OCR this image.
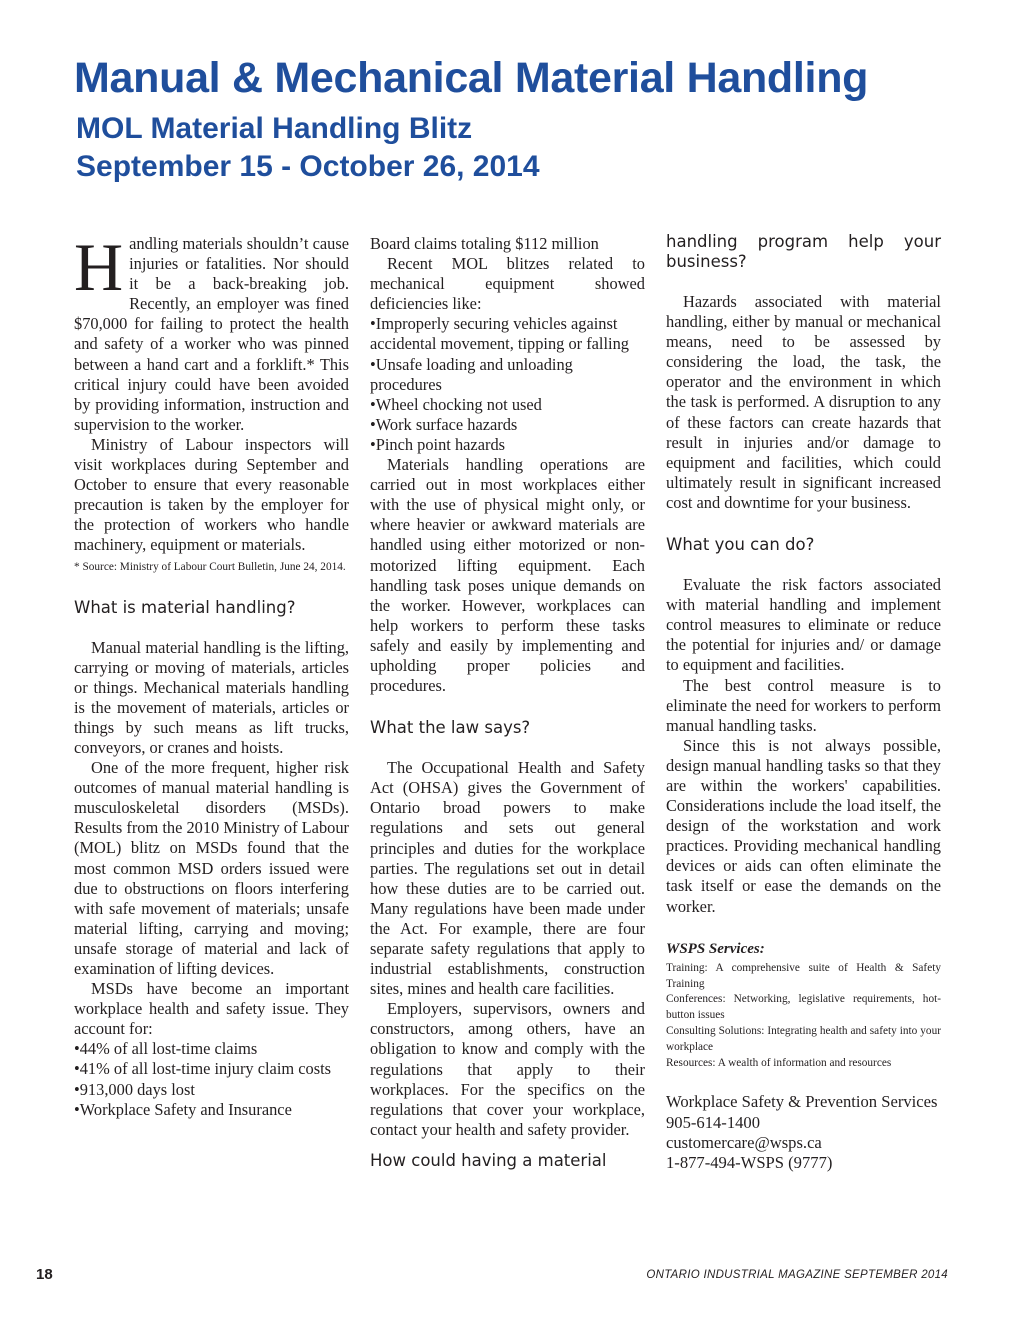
Manual & Mechanical Material Handling
MOL Material Handling Blitz
September 15 - October 26, 2014

Handling materials shouldn’t cause injuries or fatalities. Nor should it be a back-breaking job. Recently, an employer was fined $70,000 for failing to protect the health and safety of a worker who was pinned between a hand cart and a forklift.* This critical injury could have been avoided by providing information, instruction and supervision to the worker.

Ministry of Labour inspectors will visit workplaces during September and October to ensure that every reasonable precaution is taken by the employer for the protection of workers who handle machinery, equipment or materials.

* Source: Ministry of Labour Court Bulletin, June 24, 2014.

What is material handling?

Manual material handling is the lifting, carrying or moving of materials, articles or things. Mechanical materials handling is the movement of materials, articles or things by such means as lift trucks, conveyors, or cranes and hoists.

One of the more frequent, higher risk outcomes of manual material handling is musculoskeletal disorders (MSDs). Results from the 2010 Ministry of Labour (MOL) blitz on MSDs found that the most common MSD orders issued were due to obstructions on floors interfering with safe movement of materials; unsafe material lifting, carrying and moving; unsafe storage of material and lack of examination of lifting devices.

MSDs have become an important workplace health and safety issue. They account for:

•44% of all lost-time claims

•41% of all lost-time injury claim costs

•913,000 days lost

•Workplace Safety and Insurance

Board claims totaling $112 million

Recent MOL blitzes related to mechanical equipment showed deficiencies like:

•Improperly securing vehicles against accidental movement, tipping or falling

•Unsafe loading and unloading procedures

•Wheel chocking not used

•Work surface hazards

•Pinch point hazards

Materials handling operations are carried out in most workplaces either with the use of physical might only, or where heavier or awkward materials are handled using either motorized or non-motorized lifting equipment. Each handling task poses unique demands on the worker. However, workplaces can help workers to perform these tasks safely and easily by implementing and upholding proper policies and procedures.

What the law says?

The Occupational Health and Safety Act (OHSA) gives the Government of Ontario broad powers to make regulations and sets out general principles and duties for the workplace parties. The regulations set out in detail how these duties are to be carried out. Many regulations have been made under the Act. For example, there are four separate safety regulations that apply to industrial establishments, construction sites, mines and health care facilities.

Employers, supervisors, owners and constructors, among others, have an obligation to know and comply with the regulations that apply to their workplaces. For the specifics on the regulations that cover your workplace, contact your health and safety provider.

How could having a material
handling program help your business?

Hazards associated with material handling, either by manual or mechanical means, need to be assessed by considering the load, the task, the operator and the environment in which the task is performed. A disruption to any of these factors can create hazards that result in injuries and/or damage to equipment and facilities, which could ultimately result in significant increased cost and downtime for your business.

What you can do?

Evaluate the risk factors associated with material handling and implement control measures to eliminate or reduce the potential for injuries and/ or damage to equipment and facilities.

The best control measure is to eliminate the need for workers to perform manual handling tasks.

Since this is not always possible, design manual handling tasks so that they are within the workers' capabilities. Considerations include the load itself, the design of the workstation and work practices. Providing mechanical handling devices or aids can often eliminate the task itself or ease the demands on the worker.

WSPS Services:

Training: A comprehensive suite of Health & Safety Training

Conferences: Networking, legislative requirements, hot-button issues

Consulting Solutions: Integrating health and safety into your workplace

Resources: A wealth of information and resources

Workplace Safety & Prevention Services
905-614-1400
customercare@wsps.ca
1-877-494-WSPS (9777)
18	ONTARIO INDUSTRIAL MAGAZINE SEPTEMBER 2014
